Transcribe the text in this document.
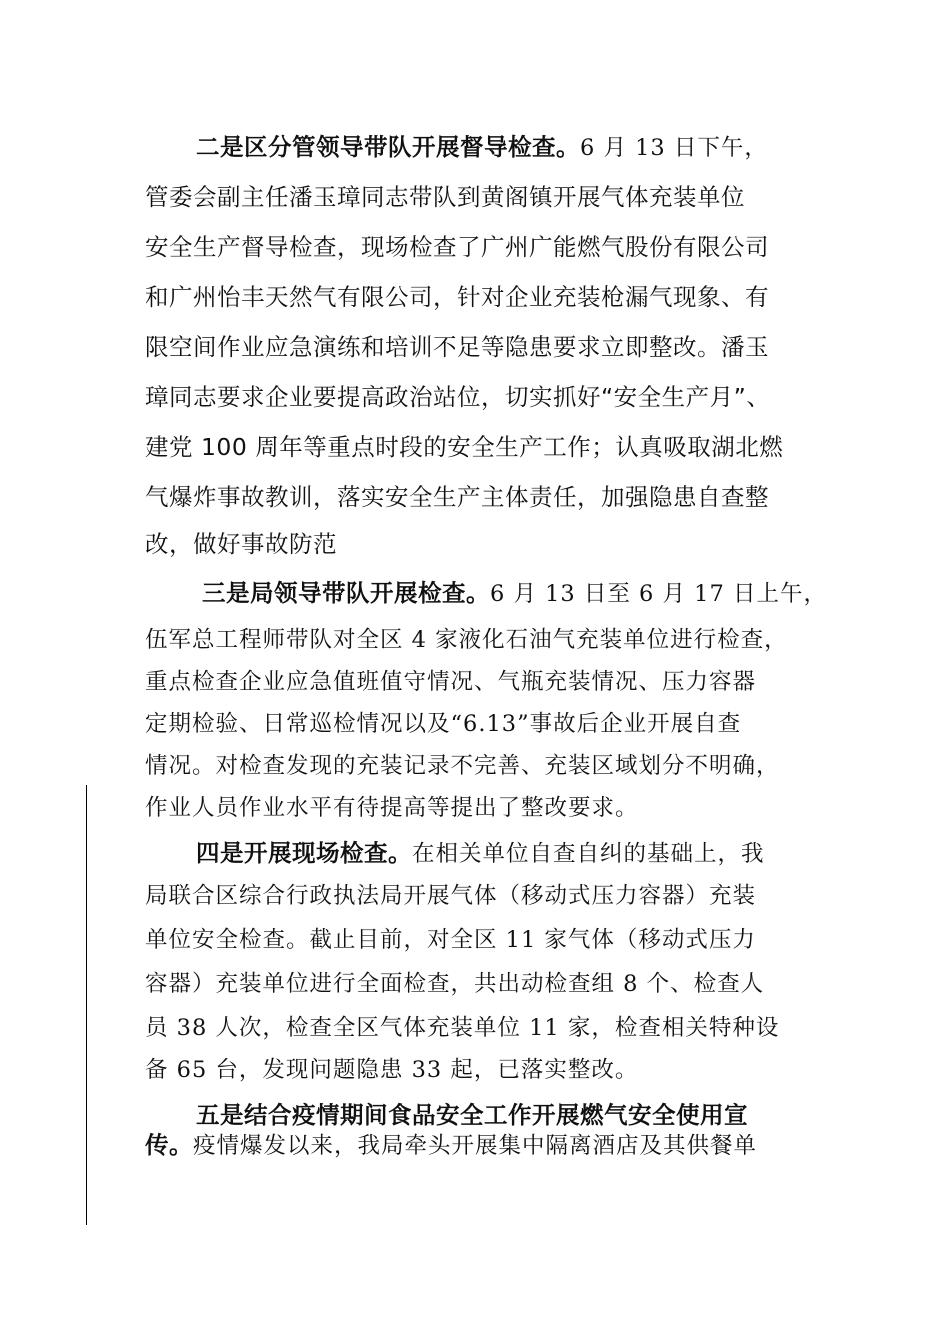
二是区分管领导带队开展督导检查。6 月 13 日下午，
管委会副主任潘玉璋同志带队到黄阁镇开展气体充装单位
安全生产督导检查，现场检查了广州广能燃气股份有限公司
和广州怡丰天然气有限公司，针对企业充装枪漏气现象、有
限空间作业应急演练和培训不足等隐患要求立即整改。潘玉
璋同志要求企业要提高政治站位，切实抓好“安全生产月”、
建党 100 周年等重点时段的安全生产工作；认真吸取湖北燃
气爆炸事故教训，落实安全生产主体责任，加强隐患自查整
改，做好事故防范
三是局领导带队开展检查。6 月 13 日至 6 月 17 日上午，
伍军总工程师带队对全区 4 家液化石油气充装单位进行检查，
重点检查企业应急值班值守情况、气瓶充装情况、压力容器
定期检验、日常巡检情况以及“6.13”事故后企业开展自查
情况。对检查发现的充装记录不完善、充装区域划分不明确，
作业人员作业水平有待提高等提出了整改要求。
四是开展现场检查。在相关单位自查自纠的基础上，我
局联合区综合行政执法局开展气体（移动式压力容器）充装
单位安全检查。截止目前，对全区 11 家气体（移动式压力
容器）充装单位进行全面检查，共出动检查组 8 个、检查人
员 38 人次，检查全区气体充装单位 11 家，检查相关特种设
备 65 台，发现问题隐患 33 起，已落实整改。
五是结合疫情期间食品安全工作开展燃气安全使用宣
传。疫情爆发以来，我局牵头开展集中隔离酒店及其供餐单
